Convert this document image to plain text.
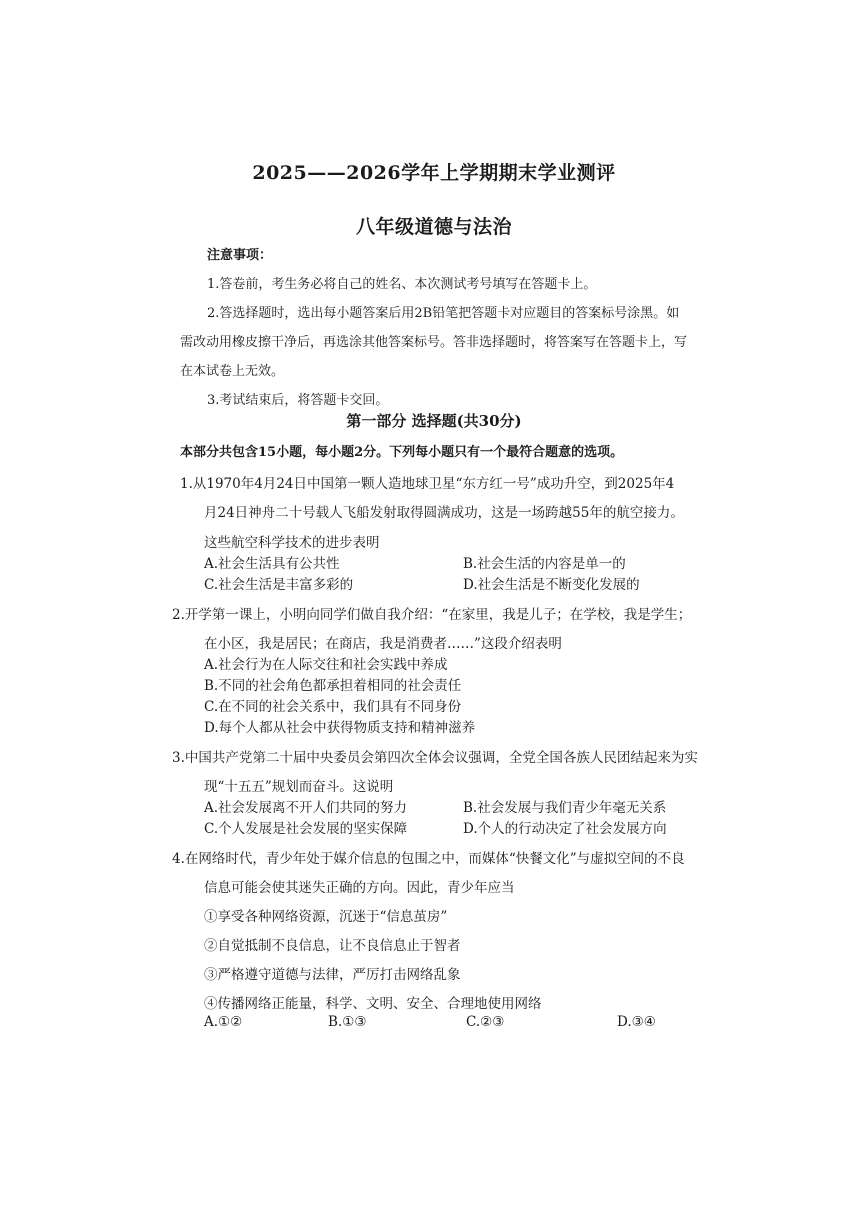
2025——2026学年上学期期末学业测评
八年级道德与法治
注意事项：
1.答卷前，考生务必将自己的姓名、本次测试考号填写在答题卡上。
2.答选择题时，选出每小题答案后用2B铅笔把答题卡对应题目的答案标号涂黑。如
需改动用橡皮擦干净后，再选涂其他答案标号。答非选择题时，将答案写在答题卡上，写
在本试卷上无效。
3.考试结束后，将答题卡交回。
第一部分 选择题(共30分)
本部分共包含15小题，每小题2分。下列每小题只有一个最符合题意的选项。
1.从1970年4月24日中国第一颗人造地球卫星“东方红一号”成功升空，到2025年4
月24日神舟二十号载人飞船发射取得圆满成功，这是一场跨越55年的航空接力。
这些航空科学技术的进步表明
A.社会生活具有公共性	B.社会生活的内容是单一的
C.社会生活是丰富多彩的	D.社会生活是不断变化发展的
2.开学第一课上，小明向同学们做自我介绍：“在家里，我是儿子；在学校，我是学生；
在小区，我是居民；在商店，我是消费者……”这段介绍表明
A.社会行为在人际交往和社会实践中养成
B.不同的社会角色都承担着相同的社会责任
C.在不同的社会关系中，我们具有不同身份
D.每个人都从社会中获得物质支持和精神滋养
3.中国共产党第二十届中央委员会第四次全体会议强调，全党全国各族人民团结起来为实
现“十五五”规划而奋斗。这说明
A.社会发展离不开人们共同的努力	B.社会发展与我们青少年毫无关系
C.个人发展是社会发展的坚实保障	D.个人的行动决定了社会发展方向
4.在网络时代，青少年处于媒介信息的包围之中，而媒体“快餐文化”与虚拟空间的不良
信息可能会使其迷失正确的方向。因此，青少年应当
①享受各种网络资源，沉迷于“信息茧房”
②自觉抵制不良信息，让不良信息止于智者
③严格遵守道德与法律，严厉打击网络乱象
④传播网络正能量，科学、文明、安全、合理地使用网络
A.①②	B.①③	C.②③	D.③④
